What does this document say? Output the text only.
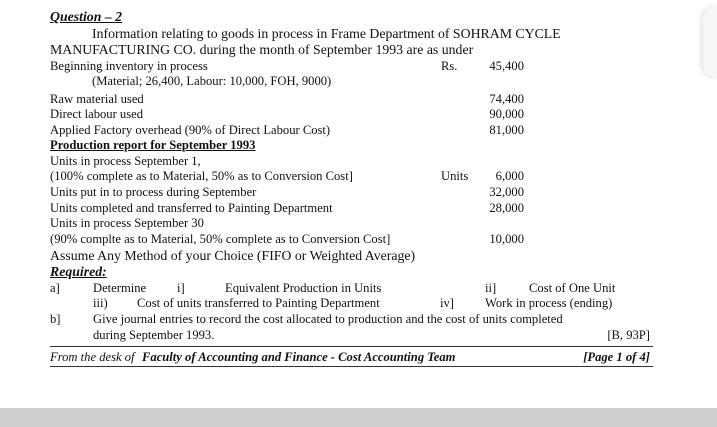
Question – 2
Information relating to goods in process in Frame Department of SOHRAM CYCLE
MANUFACTURING CO. during the month of September 1993 are as under
Beginning inventory in process	Rs.	45,400
(Material; 26,400, Labour: 10,000, FOH, 9000)
Raw material used	74,400
Direct labour used	90,000
Applied Factory overhead (90% of Direct Labour Cost)	81,000
Production report for September 1993
Units in process September 1,
(100% complete as to Material, 50% as to Conversion Cost]	Units	6,000
Units put in to process during September	32,000
Units completed and transferred to Painting Department	28,000
Units in process September 30
(90% complte as to Material, 50% complete as to Conversion Cost]	10,000
Assume Any Method of your Choice (FIFO or Weighted Average)
Required:
a]	Determine i]	Equivalent Production in Units	ii]	Cost of One Unit
iii) Cost of units transferred to Painting Department	iv] Work in process (ending)
b]	Give journal entries to record the cost allocated to production and the cost of units completed
during September 1993.	[B, 93P]
From the desk of Faculty of Accounting and Finance - Cost Accounting Team	[Page 1 of 4]
